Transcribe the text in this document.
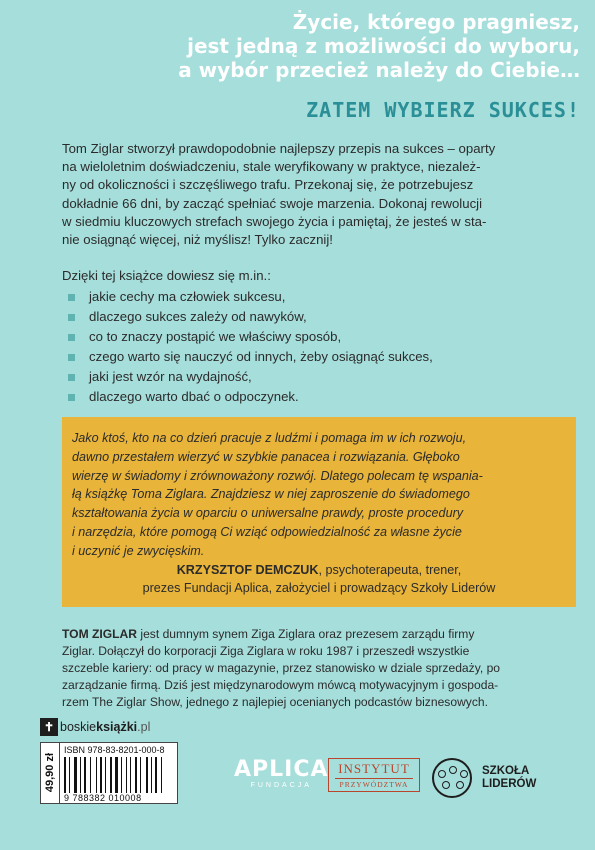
Życie, którego pragniesz,
jest jedną z możliwości do wyboru,
a wybór przecież należy do Ciebie…
ZATEM WYBIERZ SUKCES!
Tom Ziglar stworzył prawdopodobnie najlepszy przepis na sukces – oparty
na wieloletnim doświadczeniu, stale weryfikowany w praktyce, niezależ-
ny od okoliczności i szczęśliwego trafu. Przekonaj się, że potrzebujesz
dokładnie 66 dni, by zacząć spełniać swoje marzenia. Dokonaj rewolucji
w siedmiu kluczowych strefach swojego życia i pamiętaj, że jesteś w sta-
nie osiągnąć więcej, niż myślisz! Tylko zacznij!
Dzięki tej książce dowiesz się m.in.:
jakie cechy ma człowiek sukcesu,
dlaczego sukces zależy od nawyków,
co to znaczy postąpić we właściwy sposób,
czego warto się nauczyć od innych, żeby osiągnąć sukces,
jaki jest wzór na wydajność,
dlaczego warto dbać o odpoczynek.
Jako ktoś, kto na co dzień pracuje z ludźmi i pomaga im w ich rozwoju,
dawno przestałem wierzyć w szybkie panacea i rozwiązania. Głęboko
wierzę w świadomy i zrównoważony rozwój. Dlatego polecam tę wspania-
łą książkę Toma Ziglara. Znajdziesz w niej zaproszenie do świadomego
kształtowania życia w oparciu o uniwersalne prawdy, proste procedury
i narzędzia, które pomogą Ci wziąć odpowiedzialność za własne życie
i uczynić je zwycięskim.
KRZYSZTOF DEMCZUK, psychoterapeuta, trener,
prezes Fundacji Aplica, założyciel i prowadzący Szkoły Liderów
TOM ZIGLAR jest dumnym synem Ziga Ziglara oraz prezesem zarządu firmy
Ziglar. Dołączył do korporacji Ziga Ziglara w roku 1987 i przeszedł wszystkie
szczeble kariery: od pracy w magazynie, przez stanowisko w dziale sprzedaży, po
zarządzanie firmą. Dziś jest międzynarodowym mówcą motywacyjnym i gospoda-
rzem The Ziglar Show, jednego z najlepiej ocenianych podcastów biznesowych.
✝ boskieksiążki.pl
49,90 zł
ISBN 978-83-8201-000-8
9 788382 010008
APLICA
FUNDACJA
INSTYTUT
PRZYWÓDZTWA
SZKOŁA
LIDERÓW
